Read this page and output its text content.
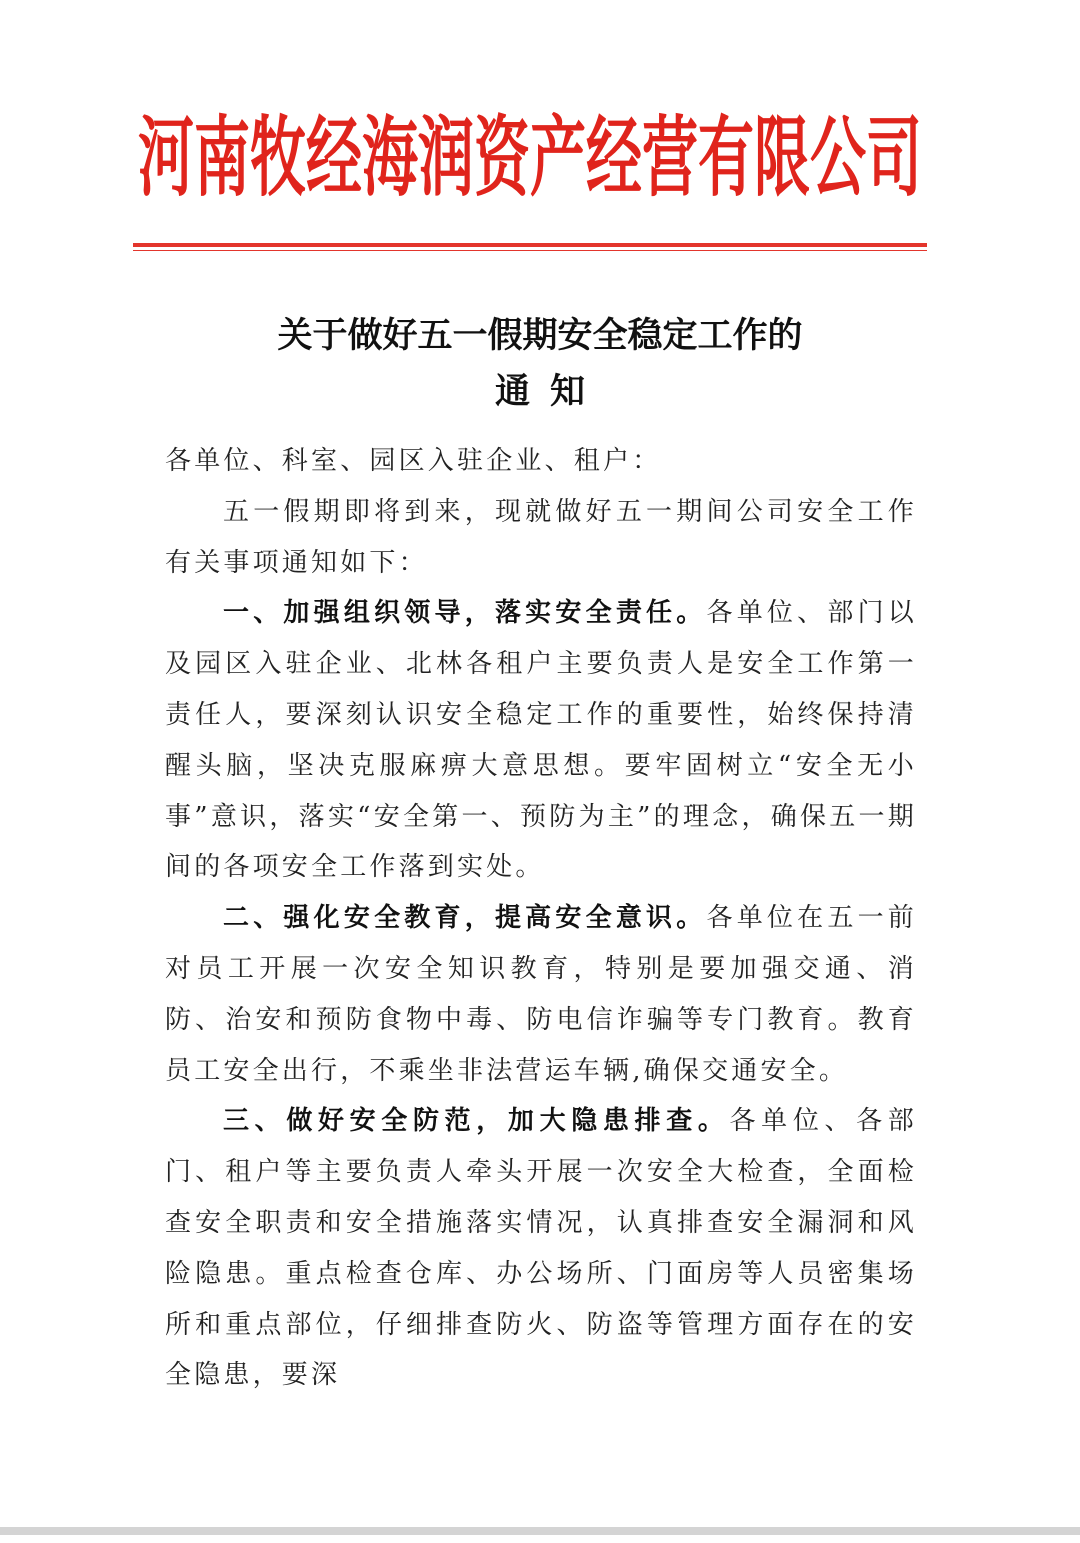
河南牧经海润资产经营有限公司
关于做好五一假期安全稳定工作的
通知

各单位、科室、园区入驻企业、租户：

五一假期即将到来，现就做好五一期间公司安全工作有关事项通知如下：

一、加强组织领导，落实安全责任。各单位、部门以及园区入驻企业、北林各租户主要负责人是安全工作第一责任人，要深刻认识安全稳定工作的重要性，始终保持清醒头脑，坚决克服麻痹大意思想。要牢固树立“安全无小事”意识，落实“安全第一、预防为主”的理念，确保五一期间的各项安全工作落到实处。

二、强化安全教育，提高安全意识。各单位在五一前对员工开展一次安全知识教育，特别是要加强交通、消防、治安和预防食物中毒、防电信诈骗等专门教育。教育员工安全出行，不乘坐非法营运车辆,确保交通安全。

三、做好安全防范，加大隐患排查。各单位、各部门、租户等主要负责人牵头开展一次安全大检查，全面检查安全职责和安全措施落实情况，认真排查安全漏洞和风险隐患。重点检查仓库、办公场所、门面房等人员密集场所和重点部位，仔细排查防火、防盗等管理方面存在的安全隐患，要深
